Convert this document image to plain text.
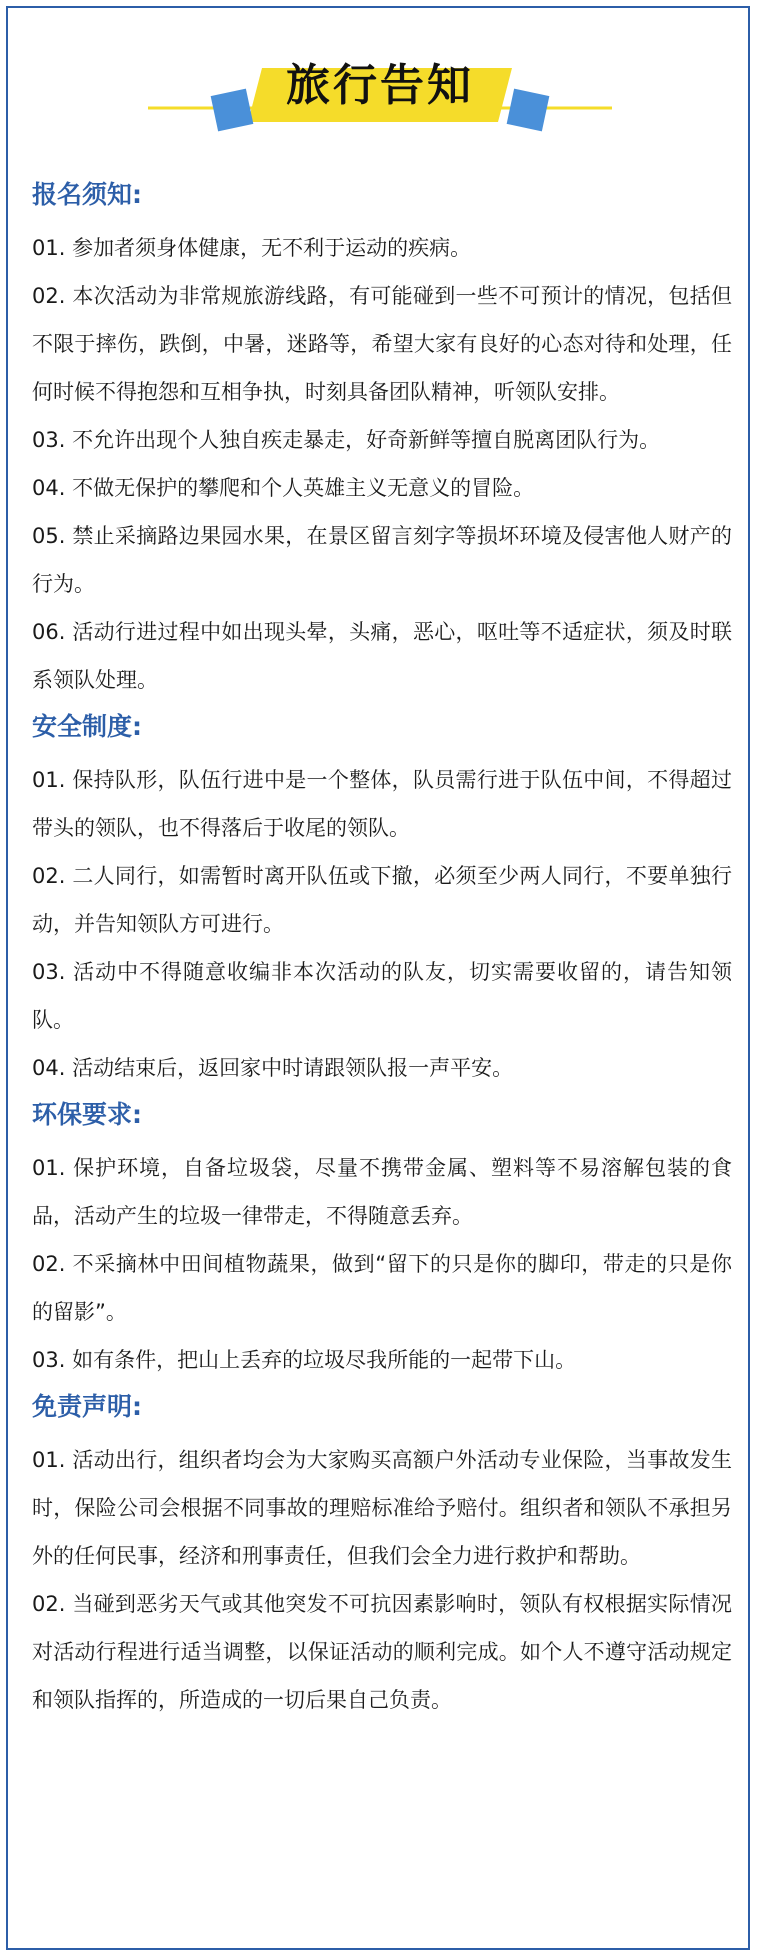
旅行告知
报名须知:

01. 参加者须身体健康，无不利于运动的疾病。

02. 本次活动为非常规旅游线路，有可能碰到一些不可预计的情况，包括但不限于摔伤，跌倒，中暑，迷路等，希望大家有良好的心态对待和处理，任何时候不得抱怨和互相争执，时刻具备团队精神，听领队安排。

03. 不允许出现个人独自疾走暴走，好奇新鲜等擅自脱离团队行为。

04. 不做无保护的攀爬和个人英雄主义无意义的冒险。

05. 禁止采摘路边果园水果，在景区留言刻字等损坏环境及侵害他人财产的行为。

06. 活动行进过程中如出现头晕，头痛，恶心，呕吐等不适症状，须及时联系领队处理。

安全制度:

01. 保持队形，队伍行进中是一个整体，队员需行进于队伍中间，不得超过带头的领队，也不得落后于收尾的领队。

02. 二人同行，如需暂时离开队伍或下撤，必须至少两人同行，不要单独行动，并告知领队方可进行。

03. 活动中不得随意收编非本次活动的队友，切实需要收留的，请告知领队。

04. 活动结束后，返回家中时请跟领队报一声平安。

环保要求:

01. 保护环境，自备垃圾袋，尽量不携带金属、塑料等不易溶解包装的食品，活动产生的垃圾一律带走，不得随意丢弃。

02. 不采摘林中田间植物蔬果，做到“留下的只是你的脚印，带走的只是你的留影”。

03. 如有条件，把山上丢弃的垃圾尽我所能的一起带下山。

免责声明:

01. 活动出行，组织者均会为大家购买高额户外活动专业保险，当事故发生时，保险公司会根据不同事故的理赔标准给予赔付。组织者和领队不承担另外的任何民事，经济和刑事责任，但我们会全力进行救护和帮助。

02. 当碰到恶劣天气或其他突发不可抗因素影响时，领队有权根据实际情况对活动行程进行适当调整，以保证活动的顺利完成。如个人不遵守活动规定和领队指挥的，所造成的一切后果自己负责。
